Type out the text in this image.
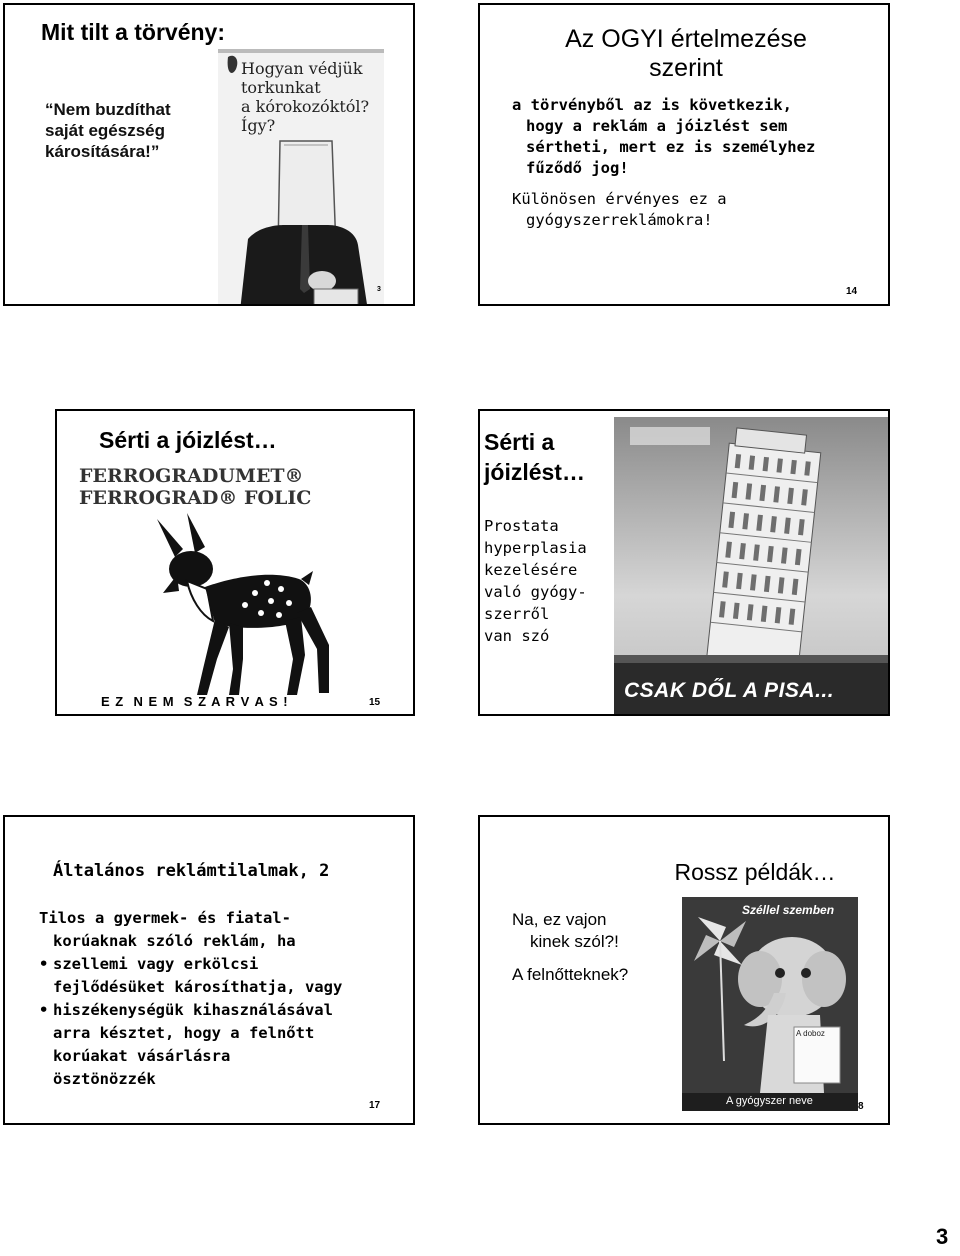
Mit tilt a törvény:
“Nem buzdíthat
saját egészség
károsítására!”
Hogyan védjük
torkunkat
a kórokozóktól?
Így?
3
Az OGYI értelmezése
szerint
a törvényből az is következik,
hogy a reklám a jóizlést sem
sértheti, mert ez is személyhez
fűződő jog!
Különösen érvényes ez a
gyógyszerreklámokra!
14
Sérti a jóizlést…
FERROGRADUMET®
FERROGRAD® FOLIC
E Z  N E M  S Z A R V A S !	15
Sérti a
jóizlést…
Prostata
hyperplasia
kezelésére
való gyógy-
szerről
van szó
CSAK DŐL A PISA...
Általános reklámtilalmak, 2
Tilos a gyermek- és fiatal-
korúaknak szóló reklám, ha
• szellemi vagy erkölcsi
fejlődésüket károsíthatja, vagy
• hiszékenységük kihasználásával
arra késztet, hogy a felnőtt
korúakat vásárlásra
ösztönözzék
17
Rossz példák…
Na, ez vajon
kinek szól?!
A felnőtteknek?
Széllel szemben
A doboz
A gyógyszer neve	8
3
